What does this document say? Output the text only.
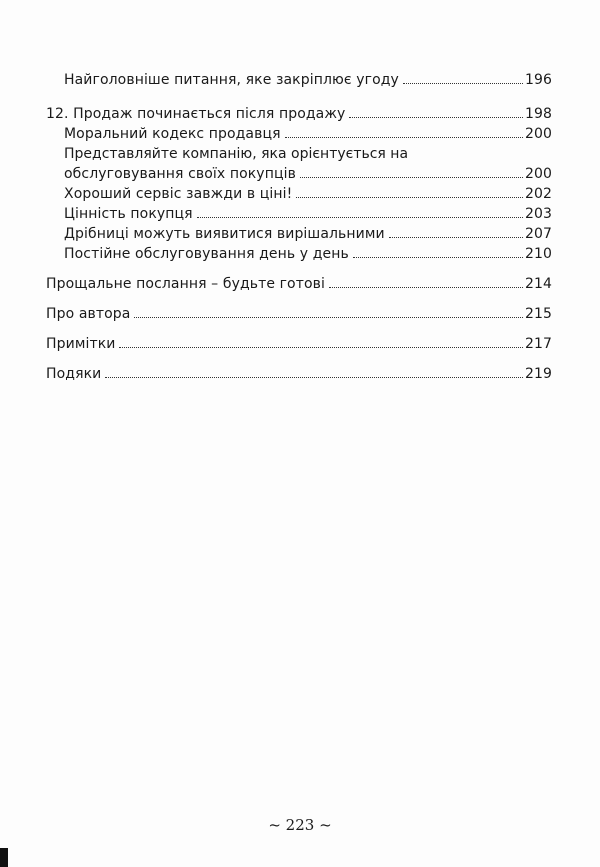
Найголовніше питання, яке закріплює угоду	196
12. Продаж починається після продажу	198
Моральний кодекс продавця	200
Представляйте компанію, яка орієнтується на
обслуговування своїх покупців	200
Хороший сервіс завжди в ціні!	202
Цінність покупця	203
Дрібниці можуть виявитися вирішальними	207
Постійне обслуговування день у день	210
Прощальне послання – будьте готові	214
Про автора	215
Примітки	217
Подяки	219
~ 223 ~
